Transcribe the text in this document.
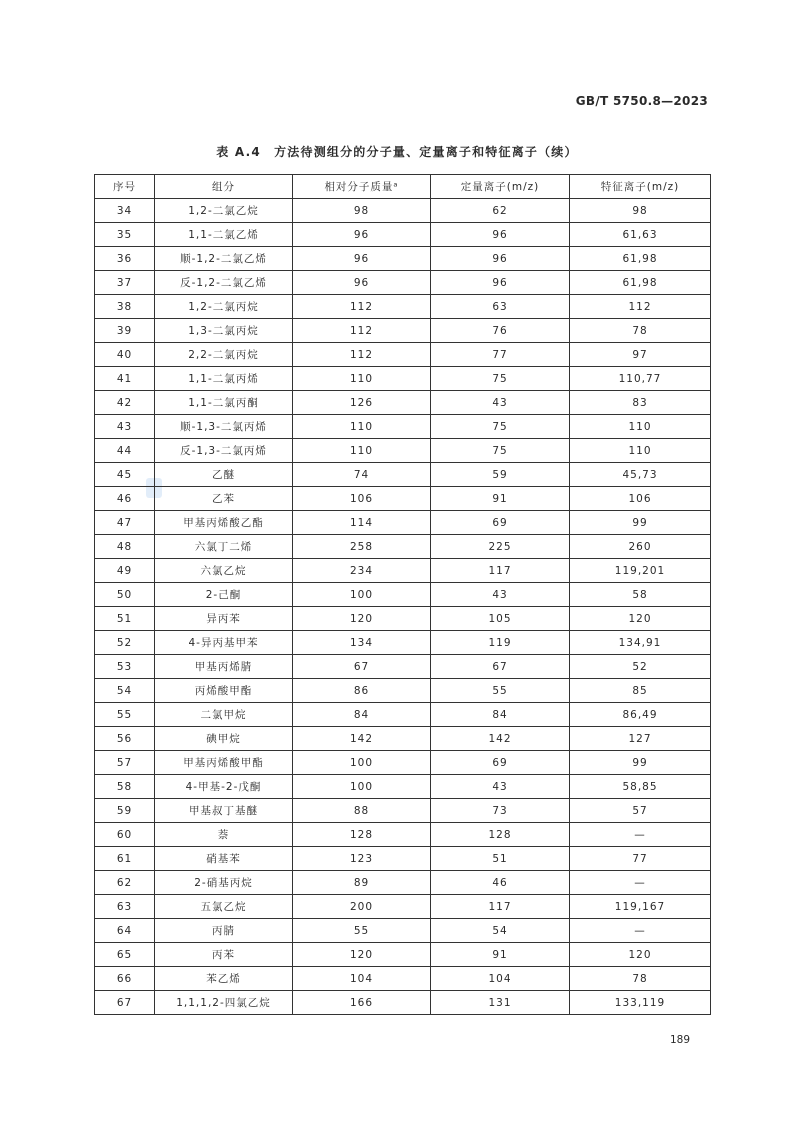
GB/T 5750.8—2023
表 A.4　方法待测组分的分子量、定量离子和特征离子（续）
序号	组分	相对分子质量ᵃ	定量离子(m/z)	特征离子(m/z)
34	1,2-二氯乙烷	98	62	98
35	1,1-二氯乙烯	96	96	61,63
36	顺-1,2-二氯乙烯	96	96	61,98
37	反-1,2-二氯乙烯	96	96	61,98
38	1,2-二氯丙烷	112	63	112
39	1,3-二氯丙烷	112	76	78
40	2,2-二氯丙烷	112	77	97
41	1,1-二氯丙烯	110	75	110,77
42	1,1-二氯丙酮	126	43	83
43	顺-1,3-二氯丙烯	110	75	110
44	反-1,3-二氯丙烯	110	75	110
45	乙醚	74	59	45,73
46	乙苯	106	91	106
47	甲基丙烯酸乙酯	114	69	99
48	六氯丁二烯	258	225	260
49	六氯乙烷	234	117	119,201
50	2-己酮	100	43	58
51	异丙苯	120	105	120
52	4-异丙基甲苯	134	119	134,91
53	甲基丙烯腈	67	67	52
54	丙烯酸甲酯	86	55	85
55	二氯甲烷	84	84	86,49
56	碘甲烷	142	142	127
57	甲基丙烯酸甲酯	100	69	99
58	4-甲基-2-戊酮	100	43	58,85
59	甲基叔丁基醚	88	73	57
60	萘	128	128	—
61	硝基苯	123	51	77
62	2-硝基丙烷	89	46	—
63	五氯乙烷	200	117	119,167
64	丙腈	55	54	—
65	丙苯	120	91	120
66	苯乙烯	104	104	78
67	1,1,1,2-四氯乙烷	166	131	133,119
189
